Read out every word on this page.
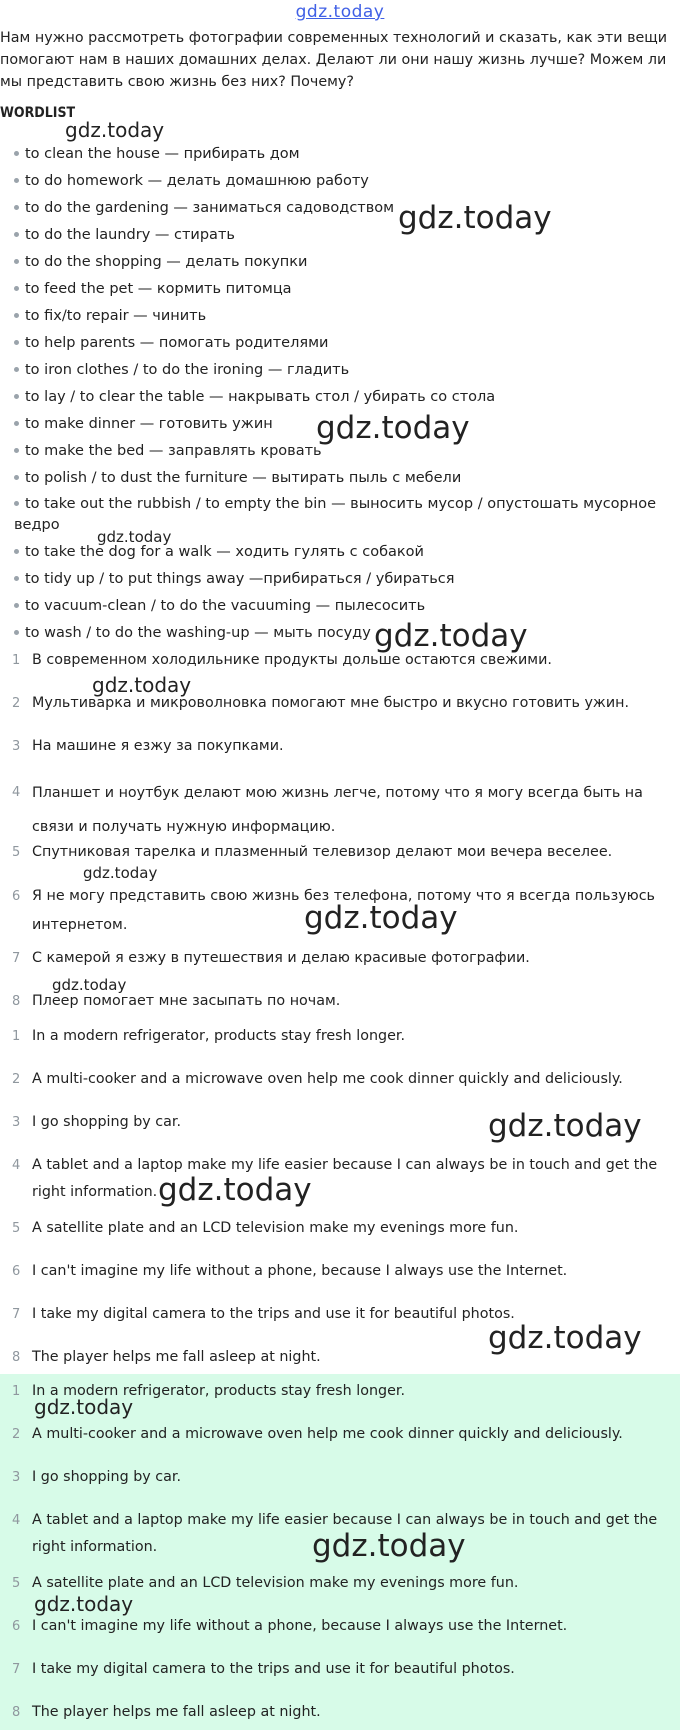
gdz.today
Нам нужно рассмотреть фотографии современных технологий и сказать, как эти вещи помогают нам в наших домашних делах. Делают ли они нашу жизнь лучше? Можем ли мы представить свою жизнь без них? Почему?
WORDLIST
to clean the house — прибирать дом
to do homework — делать домашнюю работу
to do the gardening — заниматься садоводством
to do the laundry — стирать
to do the shopping — делать покупки
to feed the pet — кормить питомца
to fix/to repair — чинить
to help parents — помогать родителями
to iron clothes / to do the ironing — гладить
to lay / to clear the table — накрывать стол / убирать со стола
to make dinner — готовить ужин
to make the bed — заправлять кровать
to polish / to dust the furniture — вытирать пыль с мебели
to take out the rubbish / to empty the bin — выносить мусор / опустошать мусорное ведро
to take the dog for a walk — ходить гулять с собакой
to tidy up / to put things away —прибираться / убираться
to vacuum-clean / to do the vacuuming — пылесосить
to wash / to do the washing-up — мыть посуду
1 В современном холодильнике продукты дольше остаются свежими.
2 Мультиварка и микроволновка помогают мне быстро и вкусно готовить ужин.
3 На машине я езжу за покупками.
4 Планшет и ноутбук делают мою жизнь легче, потому что я могу всегда быть на связи и получать нужную информацию.
5 Спутниковая тарелка и плазменный телевизор делают мои вечера веселее.
6 Я не могу представить свою жизнь без телефона, потому что я всегда пользуюсь интернетом.
7 С камерой я езжу в путешествия и делаю красивые фотографии.
8 Плеер помогает мне засыпать по ночам.
1 In a modern refrigerator, products stay fresh longer.
2 A multi-cooker and a microwave oven help me cook dinner quickly and deliciously.
3 I go shopping by car.
4 A tablet and a laptop make my life easier because I can always be in touch and get the right information.
5 A satellite plate and an LCD television make my evenings more fun.
6 I can't imagine my life without a phone, because I always use the Internet.
7 I take my digital camera to the trips and use it for beautiful photos.
8 The player helps me fall asleep at night.
1 In a modern refrigerator, products stay fresh longer.
2 A multi-cooker and a microwave oven help me cook dinner quickly and deliciously.
3 I go shopping by car.
4 A tablet and a laptop make my life easier because I can always be in touch and get the right information.
5 A satellite plate and an LCD television make my evenings more fun.
6 I can't imagine my life without a phone, because I always use the Internet.
7 I take my digital camera to the trips and use it for beautiful photos.
8 The player helps me fall asleep at night.
gdz.today
gdz.today
gdz.today
gdz.today
gdz.today
gdz.today
gdz.today
gdz.today
gdz.today
gdz.today
gdz.today
gdz.today
gdz.today
gdz.today
gdz.today
